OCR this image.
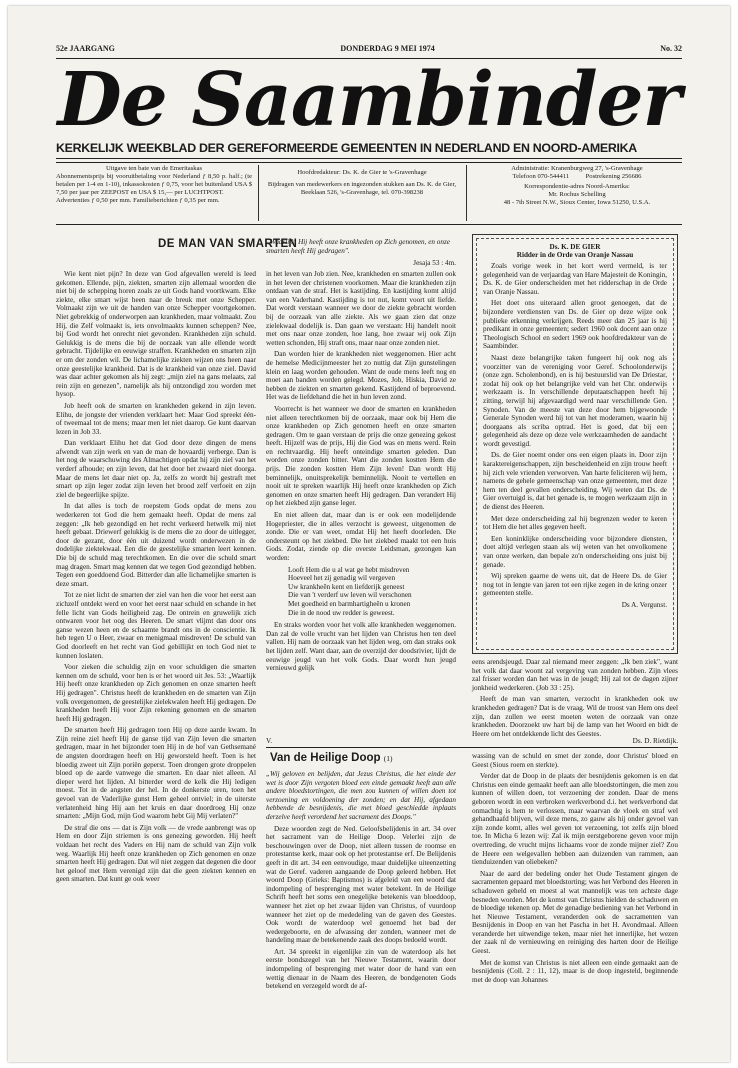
52e JAARGANG	DONDERDAG 9 MEI 1974	No. 32
De Saambinder
KERKELIJK WEEKBLAD DER GEREFORMEERDE GEMEENTEN IN NEDERLAND EN NOORD-AMERIKA
Uitgave ten bate van de Emeritaskas
Abonnementsprijs bij vooruitbetaling voor Nederland ƒ 8,50 p. half.; (te betalen per 1-4 en 1-10), inkassokosten ƒ 0,75, voor het buitenland USA $ 7,50 per jaar per ZEEPOST en USA $ 15,— per LUCHTPOST.
Advertenties ƒ 0,50 per mm. Familieberichten ƒ 0,35 per mm.
Hoofdredakteur: Ds. K. de Gier te 's-Gravenhage
Bijdragen van medewerkers en ingezonden stukken aan Ds. K. de Gier, Beeklaan 526, 's-Gravenhage, tel. 070-398238
Administratie: Kranenburgweg 27, 's-Gravenhage
Telefoon 070-544411          Postrekening 256686
Korrespondentie-adres Noord-Amerika:
Mr. Rochus Schelling
48 - 7th Street N.W., Sioux Center, Iowa 51250, U.S.A.
DE MAN VAN SMARTEN
„Waarlijk, Hij heeft onze krankheden op Zich genomen, en onze smarten heeft Hij gedragen".
Jesaja 53 : 4m.

Wie kent niet pijn? In deze van God afgevallen wereld is leed gekomen. Ellende, pijn, ziekten, smarten zijn allemaal woorden die niet bij de schepping horen zoals ze uit Gods hand voortkwam. Elke ziekte, elke smart wijst heen naar de breuk met onze Schepper. Volmaakt zijn we uit de handen van onze Schepper voortgekomen. Niet gebrekkig of onderworpen aan krankheden, maar volmaakt. Zou Hij, die Zelf volmaakt is, iets onvolmaakts kunnen scheppen? Nee, bij God wordt het onrecht niet gevonden. Krankheden zijn schuld. Gelukkig is de mens die bij de oorzaak van alle ellende wordt gebracht. Tijdelijke en eeuwige straffen. Krankheden en smarten zijn er om der zonden wil. De lichamelijke ziekten wijzen ons heen naar onze geestelijke krankheid. Dat is de krankheid van onze ziel. David was daar achter gekomen als hij zegt: „mijn ziel na gans melaats, zal rein zijn en genezen", namelijk als hij ontzondigd zou worden met hysop.

Job heeft ook de smarten en krankheden gekend in zijn leven. Elihu, de jongste der vrienden verklaart het: Maar God spreekt één- of tweemaal tot de mens; maar men let niet daarop. Ge kunt daarvan lezen in Job 33.

Dan verklaart Elihu het dat God door deze dingen de mens afwendt van zijn werk en van de man de hovaardij verberge. Dan is het nog de waarschuwing des Almachtigen opdat hij zijn ziel van het verderf afhoude; en zijn leven, dat het door het zwaard niet doorga. Maar de mens let daar niet op. Ja, zelfs zo wordt hij gestraft met smart op zijn leger zodat zijn leven het brood zelf verfoeit en zijn ziel de begeerlijke spijze.

In dat alles is toch de roepstem Gods opdat de mens zou wederkeren tot God die hem gemaakt heeft. Opdat de mens zal zeggen: „Ik heb gezondigd en het recht verkeerd hetwelk mij niet heeft gebaat. Driewerf gelukkig is de mens die zo door de uitlegger, door de gezant, door één uit duizend wordt onderwezen in de dodelijke ziektekwaal. Een die de geestelijke smarten leert kennen. Die bij de schuld mag terechtkomen. En die over die schuld smart mag dragen. Smart mag kennen dat we tegen God gezondigd hebben. Tegen een goeddoend God. Bitterder dan alle lichamelijke smarten is deze smart.

Tot ze niet licht de smarten der ziel van hen die voor het eerst aan zichzelf ontdekt werd en voor het eerst naar schuld en schande in het felle licht van Gods heiligheid zag. De ontrein en gruwelijk zich ontwaren voor het oog des Heeren. De smart vlijmt dan door ons ganse wezen heen en de schaamte brandt ons in de conscientie. Ik heb tegen U o Heer, zwaar en menigmaal misdreven! De schuld van God doorleeft en het recht van God gebillijkt en toch God niet te kunnen loslaten.

Voor zieken die schuldig zijn en voor schuldigen die smarten kennen om de schuld, voor hen is er het woord uit Jes. 53: „Waarlijk Hij heeft onze krankheden op Zich genomen en onze smarten heeft Hij gedragen". Christus heeft de krankheden en de smarten van Zijn volk overgenomen, de geestelijke zielekwalen heeft Hij gedragen. De krankheden heeft Hij voor Zijn rekening genomen en de smarten heeft Hij gedragen.

De smarten heeft Hij gedragen toen Hij op deze aarde kwam. In Zijn reine ziel heeft Hij de ganse tijd van Zijn leven die smarten gedragen, maar in het bijzonder toen Hij in de hof van Gethsemané de angsten doordragen heeft en Hij geworsteld heeft. Toen is het bloedig zweet uit Zijn poriën geperst. Toen drongen grote droppelen bloed op de aarde vanwege die smarten. En daar niet alleen. Al dieper werd het lijden. Al bitterder werd de kelk die Hij ledigen moest. Tot in de angsten der hel. In de donkerste uren, toen het gevoel van de Vaderlijke gunst Hem geheel ontviel; in de uiterste verlatenheid hing Hij aan het kruis en daar doordroeg Hij onze smarten: „Mijn God, mijn God waarom hebt Gij Mij verlaten?"

De straf die ons — dat is Zijn volk — de vrede aanbrengt was op Hem en door Zijn striemen is ons genezing geworden. Hij heeft voldaan het recht des Vaders en Hij nam de schuld van Zijn volk weg. Waarlijk Hij heeft onze krankheden op Zich genomen en onze smarten heeft Hij gedragen. Dat wil niet zeggen dat degenen die door het geloof met Hem verenigd zijn dat die geen ziekten kennen en geen smarten. Dat kunt ge ook weer

in het leven van Job zien. Nee, krankheden en smarten zullen ook in het leven der christenen voorkomen. Maar die krankheden zijn ontdaan van de straf. Het is kastijding. En kastijding komt altijd van een Vaderhand. Kastijding is tot nut, komt voort uit liefde. Dat wordt verstaan wanneer we door de ziekte gebracht worden bij de oorzaak van alle ziekte. Als we gaan zien dat onze zielekwaal dodelijk is. Dan gaan we verstaan: Hij handelt nooit met ons naar onze zonden, hoe lang, hoe zwaar wij ook Zijn wetten schonden, Hij straft ons, maar naar onze zonden niet.

Dan worden hier de krankheden niet weggenomen. Hier acht de hemelse Medicijnmeester het zo nuttig dat Zijn gunstelingen klein en laag worden gehouden. Want de oude mens leeft nog en moet aan banden worden gelegd. Mozes, Job, Hiskia, David ze hebben de ziekten en smarten gekend. Kastijdend of beproevend. Het was de liefdehand die het in hun leven zond.

Voorrecht is het wanneer we door de smarten en krankheden niet alleen terechtkomen bij de oorzaak, maar ook bij Hem die onze krankheden op Zich genomen heeft en onze smarten gedragen. Om te gaan verstaan de prijs die onze genezing gekost heeft. Hijzelf was de prijs, Hij die God was en mens werd. Rein en rechtvaardig. Hij heeft onteindige smarten geleden. Dan worden onze zonden bitter. Want die zonden kostten Hem die prijs. Die zonden kostten Hem Zijn leven! Dan wordt Hij beminnelijk, onuitsprekelijk beminnelijk. Nooit te vertellen en nooit uit te spreken waarlijk Hij heeft onze krankheden op Zich genomen en onze smarten heeft Hij gedragen. Dan verandert Hij op het ziekbed zijn ganse leger.

En niet alleen dat, maar dan is er ook een modelijdende Hogepriester, die in alles verzocht is geweest, uitgenomen de zonde. Die er van weet, omdat Hij het heeft doorleden. Die ondersteunt op het ziekbed. Die het ziekbed maakt tot een huis Gods. Zodat, ziende op die overste Leidsman, gezongen kan worden:

Looft Hem die u al wat ge hebt misdreven
Hoeveel het zij genadig wil vergeven
Uw krankheên kent en liefderijk geneest
Die van 't verderf uw leven wil verschonen
Met goedheid en barmhartigheên u kronen
Die in de nood uw redder is geweest.

En straks worden voor het volk alle krankheden weggenomen. Dan zal de volle vrucht van het lijden van Christus hen ten deel vallen. Hij nam de oorzaak van het lijden weg, om dan straks ook het lijden zelf. Want daar, aan de overzijd der doodsrivier, lijdt de eeuwige jeugd van het volk Gods. Daar wordt hun jeugd vernieuwd gelijk

Ds. K. DE GIER
Ridder in de Orde van Oranje Nassau

Zoals vorige week in het kort werd vermeld, is ter gelegenheid van de verjaardag van Hare Majesteit de Koningin, Ds. K. de Gier onderscheiden met het ridderschap in de Orde van Oranje Nassau.

Het doet ons uiteraard allen groot genoegen, dat de bijzondere verdiensten van Ds. de Gier op deze wijze ook publieke erkenning verkrijgen. Reeds meer dan 25 jaar is hij predikant in onze gemeenten; sedert 1960 ook docent aan onze Theologisch School en sedert 1969 ook hoofdredakteur van de Saambinder.

Naast deze belangrijke taken fungeert hij ook nog als voorzitter van de vereniging voor Geref. Schoolonderwijs (onze zgn. Scholenbond), en is hij bestuurslid van De Driestar, zodat hij ook op het belangrijke veld van het Chr. onderwijs werkzaam is. In verschillende deputaatschappen heeft hij zitting, terwijl hij afgevaardigd werd naar verschillende Gen. Synoden. Van de meeste van deze door hem bijgewoonde Generale Synoden werd hij tot van het moderamen, waarin hij doorgaans als scriba optrad. Het is goed, dat bij een gelegenheid als deze op deze vele werkzaamheden de aandacht wordt gevestigd.

Ds. de Gier noemt onder ons een eigen plaats in. Door zijn karaktereigenschappen, zijn bescheidenheid en zijn trouw heeft hij zich vele vrienden verworven. Van harte feliciteren wij hem, namens de gehele gemeenschap van onze gemeenten, met deze hem ten deel gevallen onderscheiding. Wij weten dat Ds. de Gier overtuigd is, dat het genade is, te mogen werkzaam zijn in de dienst des Heeren.

Met deze onderscheiding zal hij begrenzen weder te keren tot Hem die het alles gegeven heeft.

Een koninklijke onderscheiding voor bijzondere diensten, doet altijd verlegen staan als wij weten van het onvolkomene van onze werken, dan bepale zo'n onderscheiding ons juist bij genade.

Wij spreken gaarne de wens uit, dat de Heere Ds. de Gier nog tot in lengte van jaren tot een rijke zegen in de kring onzer gemeenten stelle.

Ds A. Vergunst.

eens arendsjeugd. Daar zal niemand meer zeggen: „Ik ben ziek", want het volk dat daar woont zal vergeving van zonden hebben. Zijn vlees zal frisser worden dan het was in de jeugd; Hij zal tot de dagen zijner jonkheid wederkeren. (Job 33 : 25).

Heeft de man van smarten, verzocht in krankheden ook uw krankheden gedragen? Dat is de vraag. Wil de troost van Hem ons deel zijn, dan zullen we eerst moeten weten de oorzaak van onze krankheden. Doorzoekt uw hart bij de lamp van het Woord en bidt de Heere om het ontdekkende licht des Geestes.

V.	Ds. D. Rietdijk.
Van de Heilige Doop (1)

„Wij geloven en belijden, dat Jezus Christus, die het einde der wet is door Zijn vergoten bloed een einde gemaakt heeft aan alle andere bloedstortingen, die men zou kunnen of willen doen tot verzoening en voldoening der zonden; en dat Hij, afgedaan hebbende de besnijdenis, die met bloed geschiedde inplaats derzelve heeft verordend het sacrament des Doops."

Deze woorden zegt de Ned. Geloofsbelijdenis in art. 34 over het sacrament van de Heilige Doop. Velerlei zijn de beschouwingen over de Doop, niet alleen tussen de roomse en protestantse kerk, maar ook op het protestantse erf. De Belijdenis geeft in dit art. 34 een eenvoudige, maar duidelijke uiteenzetting wat de Geref. vaderen aangaande de Doop geleerd hebben. Het woord Doop (Grieks: Baptismos) is afgeleid van een woord dat indompeling of besprenging met water betekent. In de Heilige Schrift heeft het soms een onegelijke betekenis van bloeddoop, wanneer het ziet op het zwaar lijden van Christus, of vuurdoop wanneer het ziet op de mededeling van de gaven des Geestes. Ook wordt de waterdoop wel genoemd het bad der wedergeboorte, en de afwassing der zonden, wanneer met de handeling maar de betekenende zaak des doops bedoeld wordt.

Art. 34 spreekt in eigenlijke zin van de waterdoop als het eerste bondszegel van het Nieuwe Testament, waarin door indompeling of besprenging met water door de hand van een wettig dienaar in de Naam des Heeren, de bondgenoten Gods betekend en verzegeld wordt de af-

wassing van de schuld en smet der zonde, door Christus' bloed en Geest (Sious roem en sterkte).

Verder dat de Doop in de plaats der besnijdenis gekomen is en dat Christus een einde gemaakt heeft aan alle bloedstortingen, die men zou kunnen of willen doen, tot verzoening der zonden. Daar de mens geboren wordt in een verbroken werkverbond d.i. het werkverbond dat onmachtig is hem te verlossen, maar waarvan de vloek en straf wel gehandhaafd blijven, wil deze mens, zo gauw als hij onder gevoel van zijn zonde komt, alles wel geven tot verzoening, tot zelfs zijn bloed toe. In Micha 6 lezen wij: Zal ik mijn eerstgeborene geven voor mijn overtreding, de vrucht mijns lichaams voor de zonde mijner ziel? Zou de Heere een welgevallen hebben aan duizenden van rammen, aan tienduizenden van oliebeken?

Naar de aard der bedeling onder het Oude Testament gingen de sacramenten gepaard met bloedstorting; was het Verbond des Heeren in schaduwen geheld en moest al wat mannelijk was ten achtste dage besneden worden. Met de komst van Christus hielden de schaduwen en de bloedige tekenen op. Met de genadige bediening van het Verbond in het Nieuwe Testament, veranderden ook de sacramenten van Besnijdenis in Doop en van het Pascha in het H. Avondmaal. Alleen veranderde het uitwendige teken, maar niet het innerlijke, het wezen der zaak nl de vernieuwing en reiniging des harten door de Heilige Geest.

Met de komst van Christus is niet alleen een einde gemaakt aan de besnijdenis (Coll. 2 : 11, 12), maar is de doop ingesteld, beginnende met de doop van Johannes
